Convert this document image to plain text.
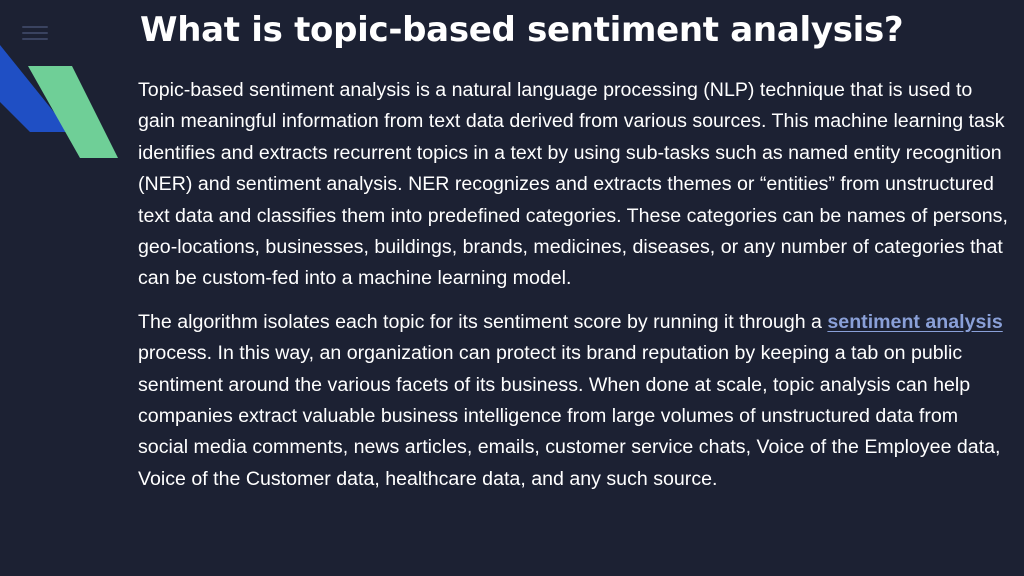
What is topic-based sentiment analysis?

Topic-based sentiment analysis is a natural language processing (NLP) technique that is used to gain meaningful information from text data derived from various sources. This machine learning task identifies and extracts recurrent topics in a text by using sub-tasks such as named entity recognition (NER) and sentiment analysis. NER recognizes and extracts themes or “entities” from unstructured text data and classifies them into predefined categories. These categories can be names of persons, geo-locations, businesses, buildings, brands, medicines, diseases, or any number of categories that can be custom-fed into a machine learning model.

The algorithm isolates each topic for its sentiment score by running it through a sentiment analysis process. In this way, an organization can protect its brand reputation by keeping a tab on public sentiment around the various facets of its business. When done at scale, topic analysis can help companies extract valuable business intelligence from large volumes of unstructured data from social media comments, news articles, emails, customer service chats, Voice of the Employee data, Voice of the Customer data, healthcare data, and any such source.
